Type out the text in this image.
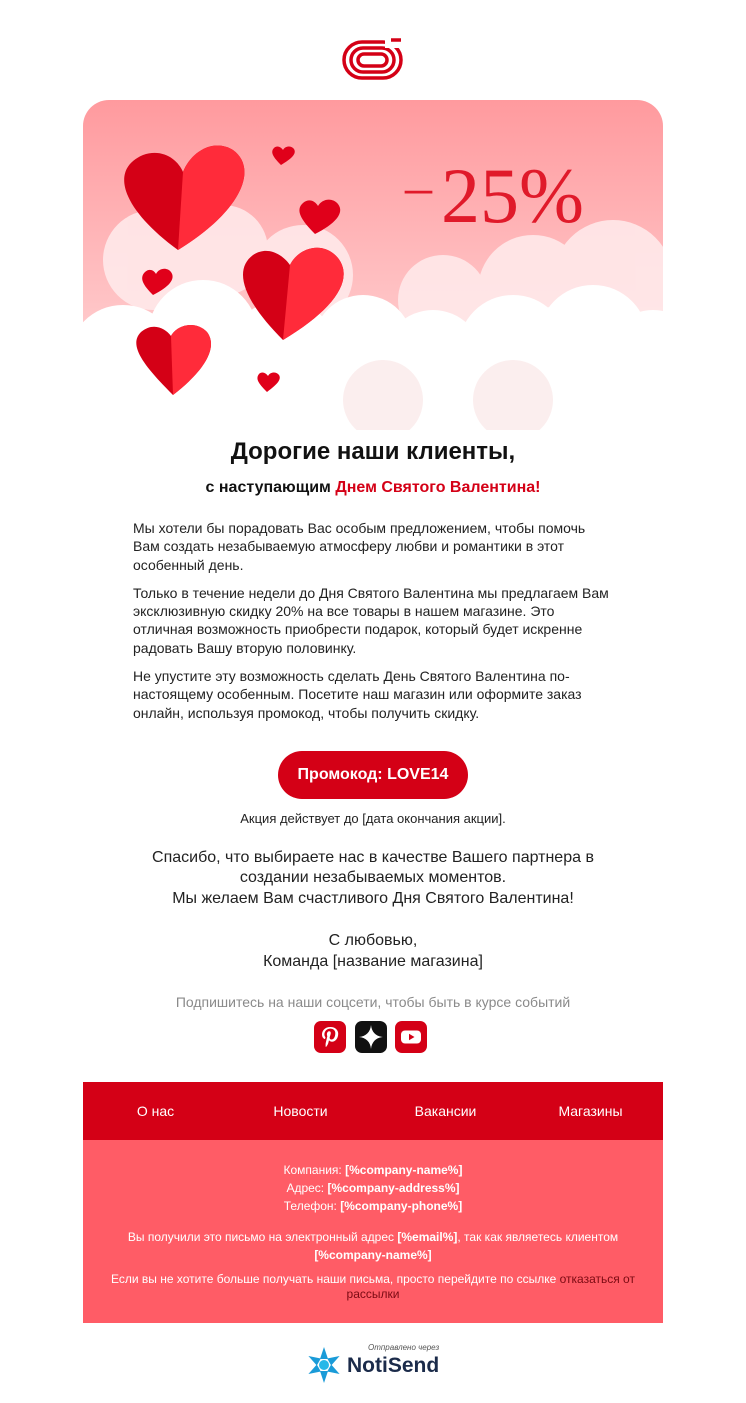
– 25%
10% 20%
50%
Дорогие наши клиенты,
с наступающим Днем Святого Валентина!

Мы хотели бы порадовать Вас особым предложением, чтобы помочь Вам создать незабываемую атмосферу любви и романтики в этот особенный день.

Только в течение недели до Дня Святого Валентина мы предлагаем Вам эксклюзивную скидку 20% на все товары в нашем магазине. Это отличная возможность приобрести подарок, который будет искренне радовать Вашу вторую половинку.

Не упустите эту возможность сделать День Святого Валентина по-настоящему особенным. Посетите наш магазин или оформите заказ онлайн, используя промокод, чтобы получить скидку.

Промокод: LOVE14
Акция действует до [дата окончания акции].
Спасибо, что выбираете нас в качестве Вашего партнера в создании незабываемых моментов.
Мы желаем Вам счастливого Дня Святого Валентина!
С любовью,
Команда [название магазина]
Подпишитесь на наши соцсети, чтобы быть в курсе событий
О нас	Новости	Вакансии	Магазины
Компания: [%company-name%]
Адрес: [%company-address%]
Телефон: [%company-phone%]
Вы получили это письмо на электронный адрес [%email%], так как являетесь клиентом [%company-name%]
Если вы не хотите больше получать наши письма, просто перейдите по ссылке отказаться от рассылки
Отправлено через
NotiSend
